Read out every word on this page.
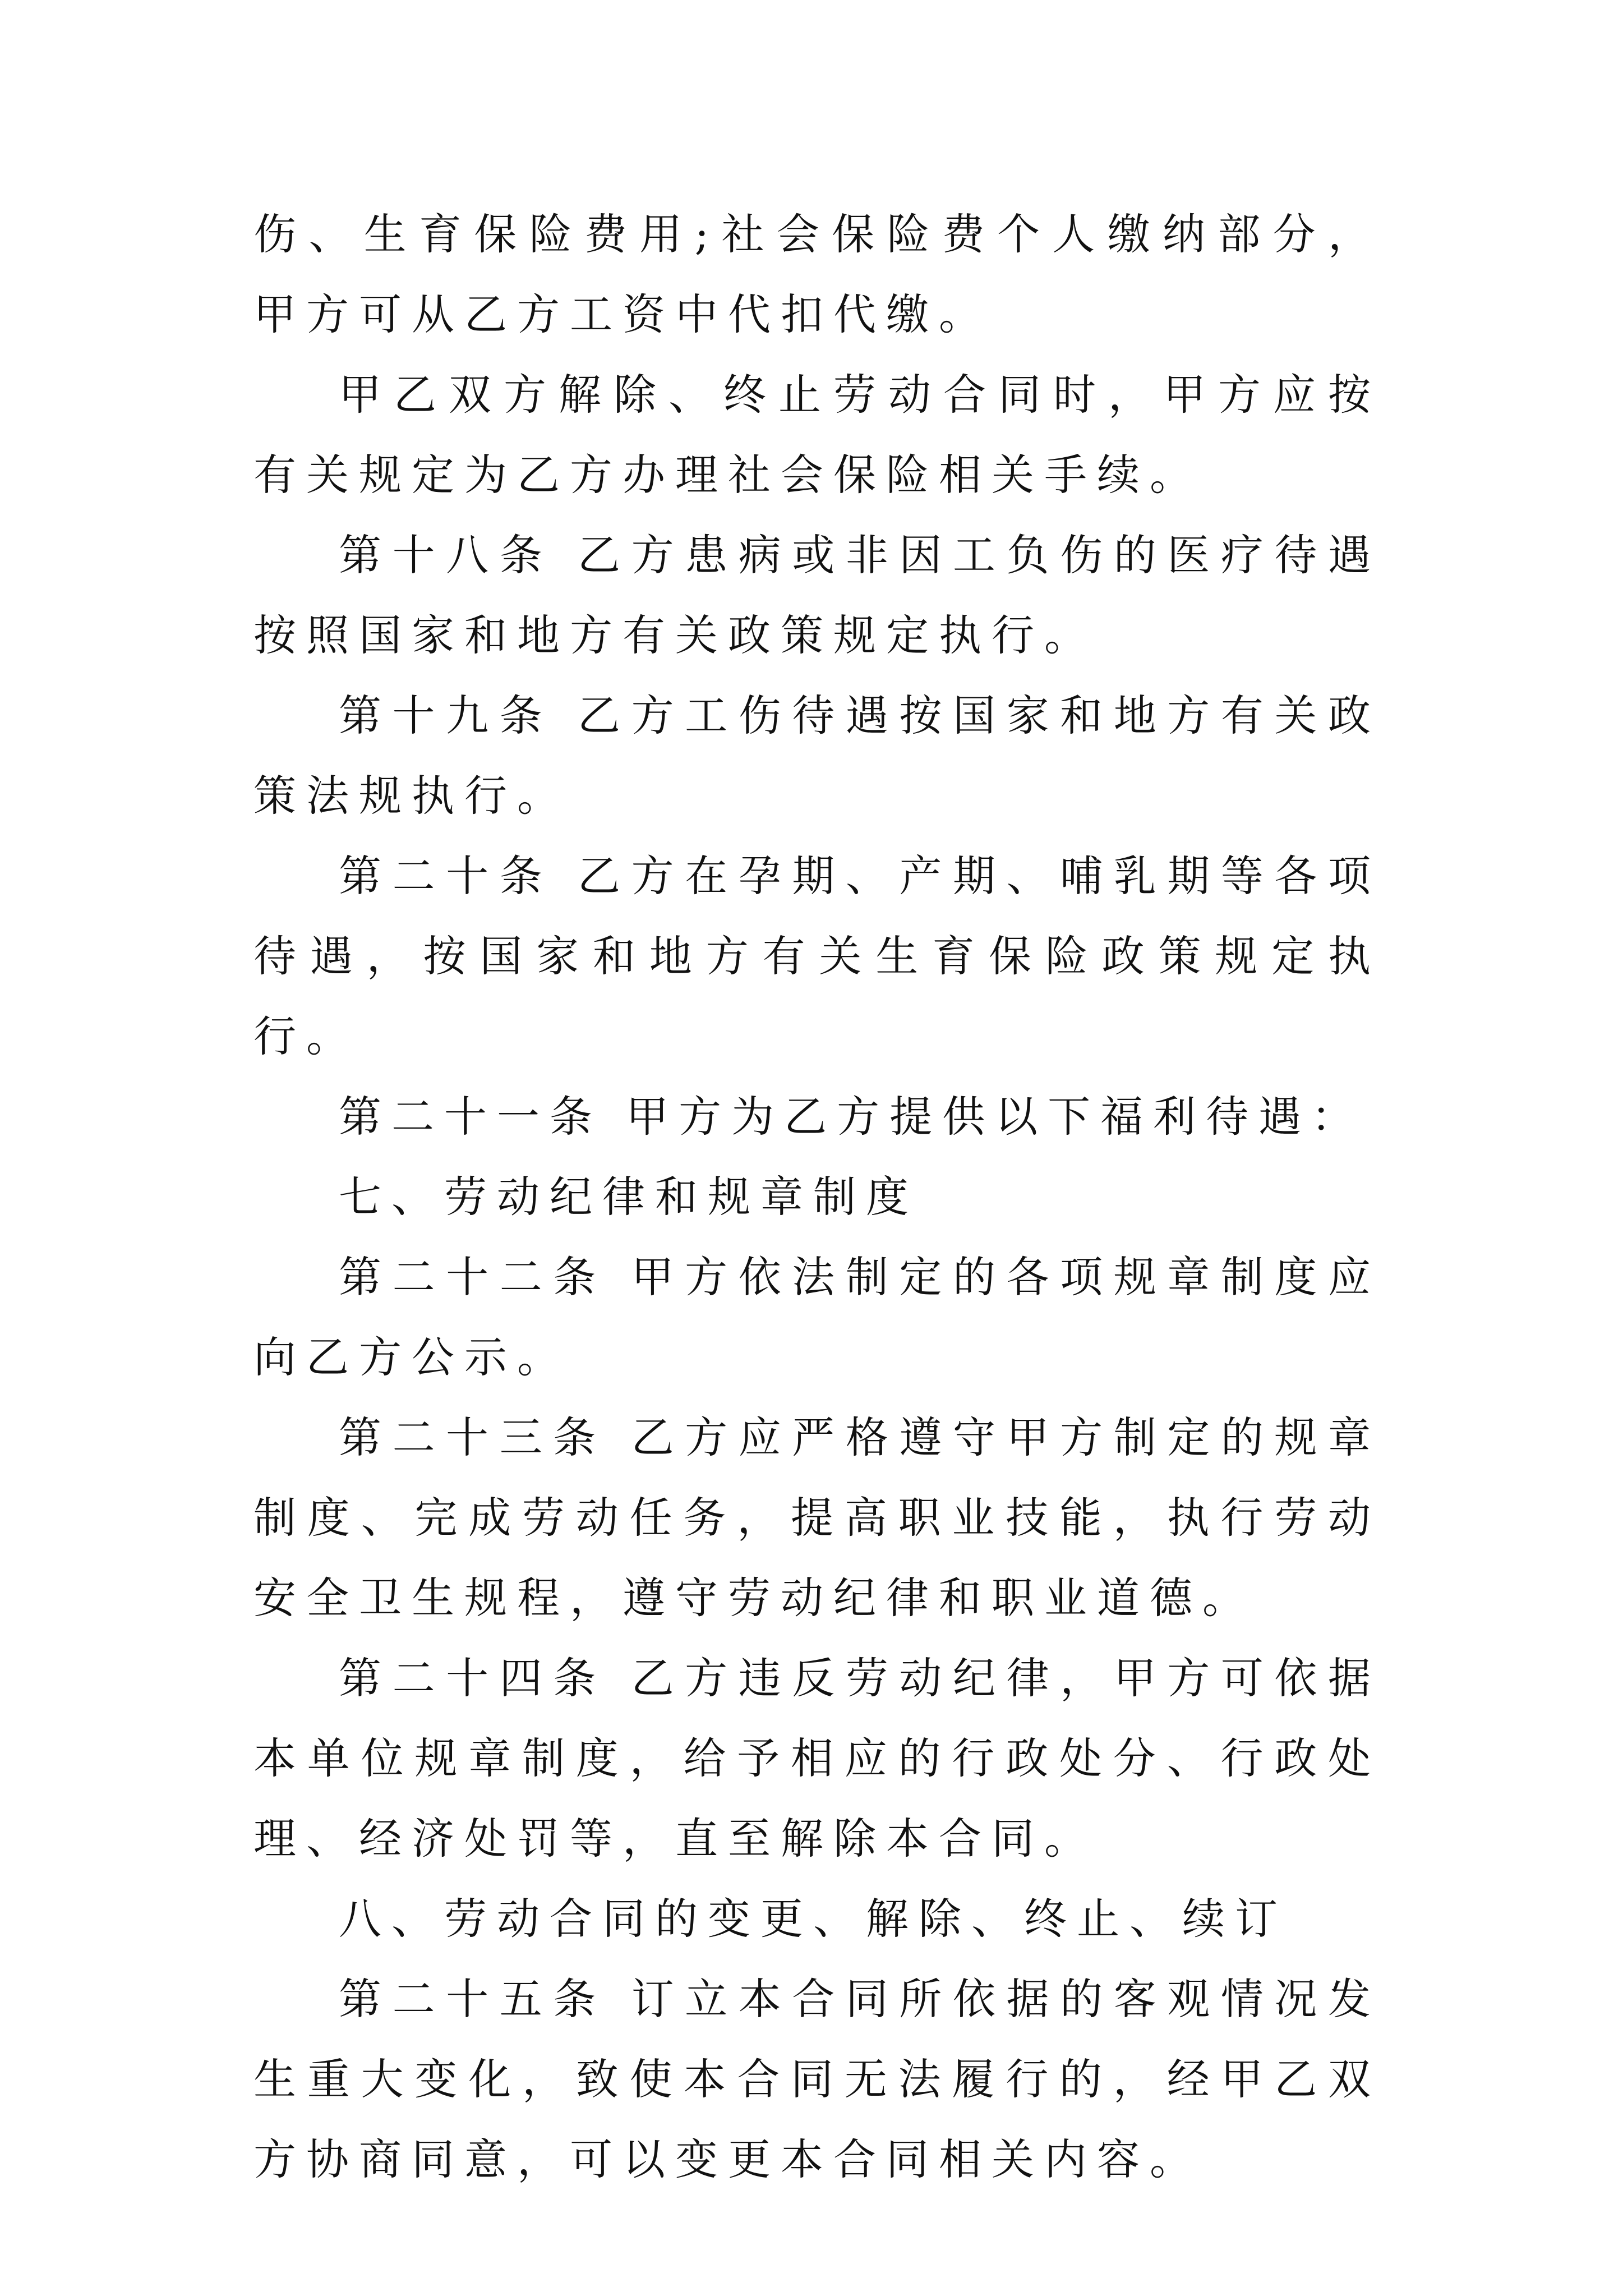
伤、生育保险费用;社会保险费个人缴纳部分，甲方可从乙方工资中代扣代缴。

甲乙双方解除、终止劳动合同时，甲方应按有关规定为乙方办理社会保险相关手续。

第十八条 乙方患病或非因工负伤的医疗待遇按照国家和地方有关政策规定执行。

第十九条 乙方工伤待遇按国家和地方有关政策法规执行。

第二十条 乙方在孕期、产期、哺乳期等各项待遇，按国家和地方有关生育保险政策规定执行。

第二十一条 甲方为乙方提供以下福利待遇：

七、劳动纪律和规章制度

第二十二条 甲方依法制定的各项规章制度应向乙方公示。

第二十三条 乙方应严格遵守甲方制定的规章制度、完成劳动任务，提高职业技能，执行劳动安全卫生规程，遵守劳动纪律和职业道德。

第二十四条 乙方违反劳动纪律，甲方可依据本单位规章制度，给予相应的行政处分、行政处理、经济处罚等，直至解除本合同。

八、劳动合同的变更、解除、终止、续订

第二十五条 订立本合同所依据的客观情况发生重大变化，致使本合同无法履行的，经甲乙双方协商同意，可以变更本合同相关内容。
